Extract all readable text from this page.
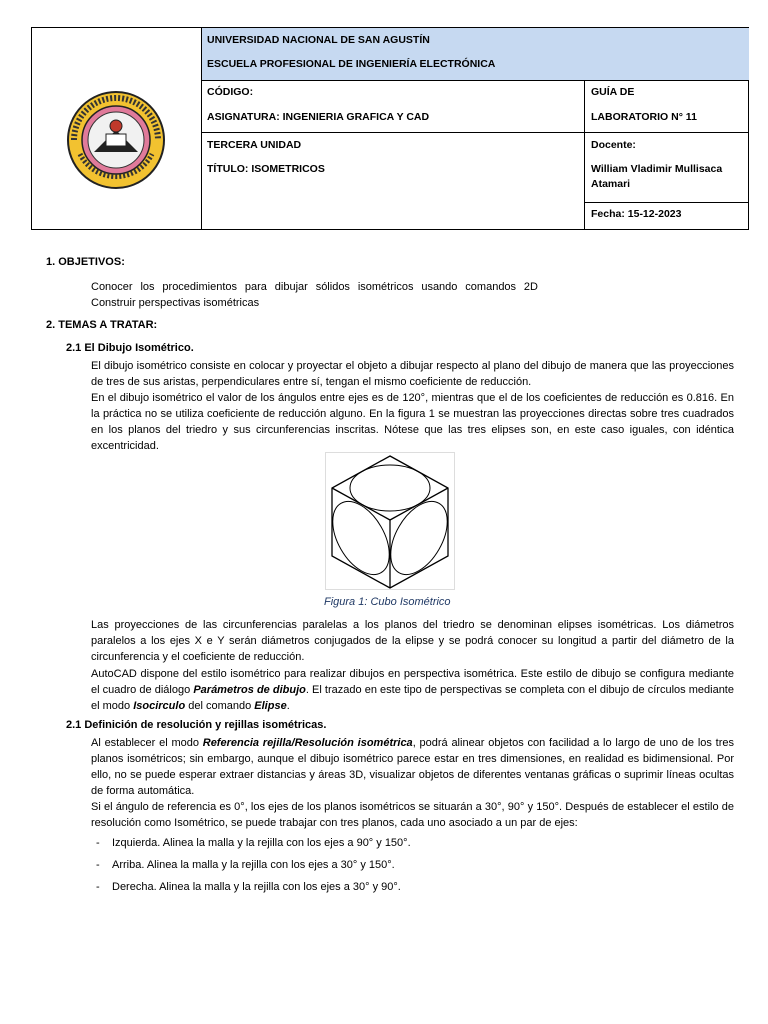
UNIVERSIDAD NACIONAL DE SAN AGUSTÍN
ESCUELA PROFESIONAL DE INGENIERÍA ELECTRÓNICA
CÓDIGO:
ASIGNATURA: INGENIERIA GRAFICA Y CAD
GUÍA DE
LABORATORIO N° 11
TERCERA UNIDAD
TÍTULO: ISOMETRICOS
Docente:
William Vladimir Mullisaca
Atamari
Fecha: 15-12-2023
1. OBJETIVOS:
Conocer los procedimientos para dibujar sólidos isométricos usando comandos 2D
Construir perspectivas isométricas
2. TEMAS A TRATAR:
2.1 El Dibujo Isométrico.
El dibujo isométrico consiste en colocar y proyectar el objeto a dibujar respecto al plano del dibujo de manera que las proyecciones de tres de sus aristas, perpendiculares entre sí, tengan el mismo coeficiente de reducción.
En el dibujo isométrico el valor de los ángulos entre ejes es de 120°, mientras que el de los coeficientes de reducción es 0.816. En la práctica no se utiliza coeficiente de reducción alguno. En la figura 1 se muestran las proyecciones directas sobre tres cuadrados en los planos del triedro y sus circunferencias inscritas. Nótese que las tres elipses son, en este caso iguales, con idéntica excentricidad.
Figura 1: Cubo Isométrico
Las proyecciones de las circunferencias paralelas a los planos del triedro se denominan elipses isométricas. Los diámetros paralelos a los ejes X e Y serán diámetros conjugados de la elipse y se podrá conocer su longitud a partir del diámetro de la circunferencia y el coeficiente de reducción.
AutoCAD dispone del estilo isométrico para realizar dibujos en perspectiva isométrica. Este estilo de dibujo se configura mediante el cuadro de diálogo Parámetros de dibujo. El trazado en este tipo de perspectivas se completa con el dibujo de círculos mediante el modo Isocirculo del comando Elipse.
2.1 Definición de resolución y rejillas isométricas.
Al establecer el modo Referencia rejilla/Resolución isométrica, podrá alinear objetos con facilidad a lo largo de uno de los tres planos isométricos; sin embargo, aunque el dibujo isométrico parece estar en tres dimensiones, en realidad es bidimensional. Por ello, no se puede esperar extraer distancias y áreas 3D, visualizar objetos de diferentes ventanas gráficas o suprimir líneas ocultas de forma automática.
Si el ángulo de referencia es 0°, los ejes de los planos isométricos se situarán a 30°, 90° y 150°. Después de establecer el estilo de resolución como Isométrico, se puede trabajar con tres planos, cada uno asociado a un par de ejes:
- Izquierda. Alinea la malla y la rejilla con los ejes a 90° y 150°.
- Arriba. Alinea la malla y la rejilla con los ejes a 30° y 150°.
- Derecha. Alinea la malla y la rejilla con los ejes a 30° y 90°.
